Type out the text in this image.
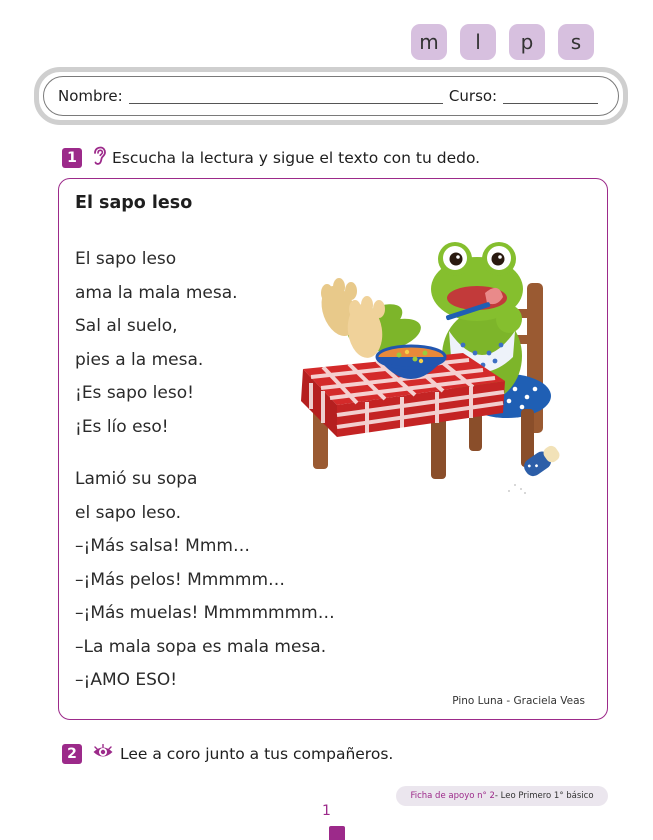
m	l	p	s
Nombre:	Curso:
1	Escucha la lectura y sigue el texto con tu dedo.
El sapo leso
El sapo leso
ama la mala mesa.
Sal al suelo,
pies a la mesa.
¡Es sapo leso!
¡Es lío eso!
Lamió su sopa
el sapo leso.
–¡Más salsa! Mmm…
–¡Más pelos! Mmmmm…
–¡Más muelas! Mmmmmmm…
–La mala sopa es mala mesa.
–¡AMO ESO!
Pino Luna - Graciela Veas
2	Lee a coro junto a tus compañeros.
Ficha de apoyo n° 2 - Leo Primero 1° básico
1
